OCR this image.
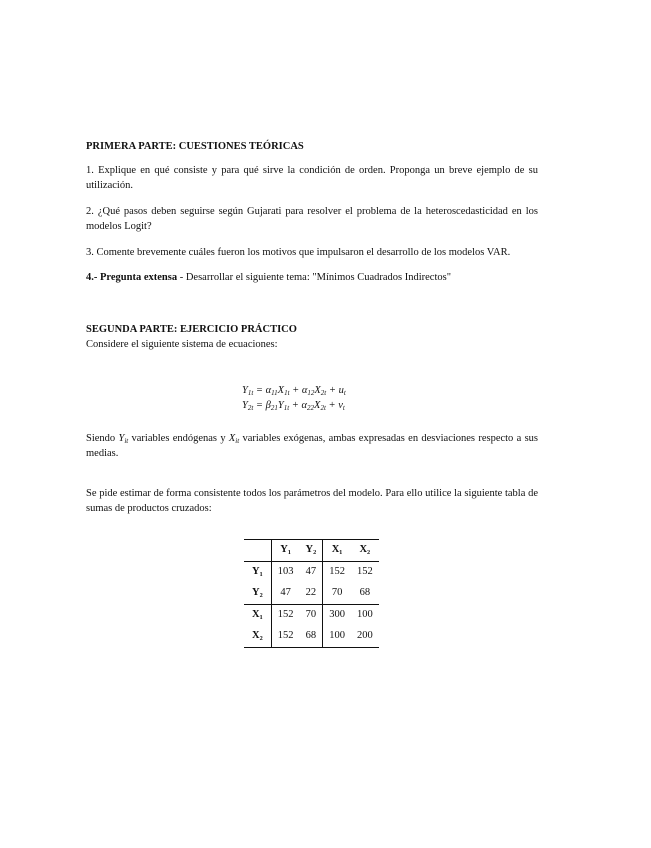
PRIMERA PARTE: CUESTIONES TEÓRICAS

1. Explique en qué consiste y para qué sirve la condición de orden. Proponga un breve ejemplo de su utilización.

2. ¿Qué pasos deben seguirse según Gujarati para resolver el problema de la heteroscedasticidad en los modelos Logit?

3. Comente brevemente cuáles fueron los motivos que impulsaron el desarrollo de los modelos VAR.

4.- Pregunta extensa - Desarrollar el siguiente tema: "Mínimos Cuadrados Indirectos"

SEGUNDA PARTE: EJERCICIO PRÁCTICO

Considere el siguiente sistema de ecuaciones:

$Y_{1t} = \alpha_{11}X_{1t} + \alpha_{12}X_{2t} + u_t$
$Y_{2t} = \beta_{21}Y_{1t} + \alpha_{22}X_{2t} + v_t$

Siendo $Y_{it}$ variables endógenas y $X_{it}$ variables exógenas, ambas expresadas en desviaciones respecto a sus medias.

Se pide estimar de forma consistente todos los parámetros del modelo. Para ello utilice la siguiente tabla de sumas de productos cruzados:

	Y₁	Y₂	X₁	X₂
Y₁	103	47	152	152
Y₂	47	22	70	68
X₁	152	70	300	100
X₂	152	68	100	200
